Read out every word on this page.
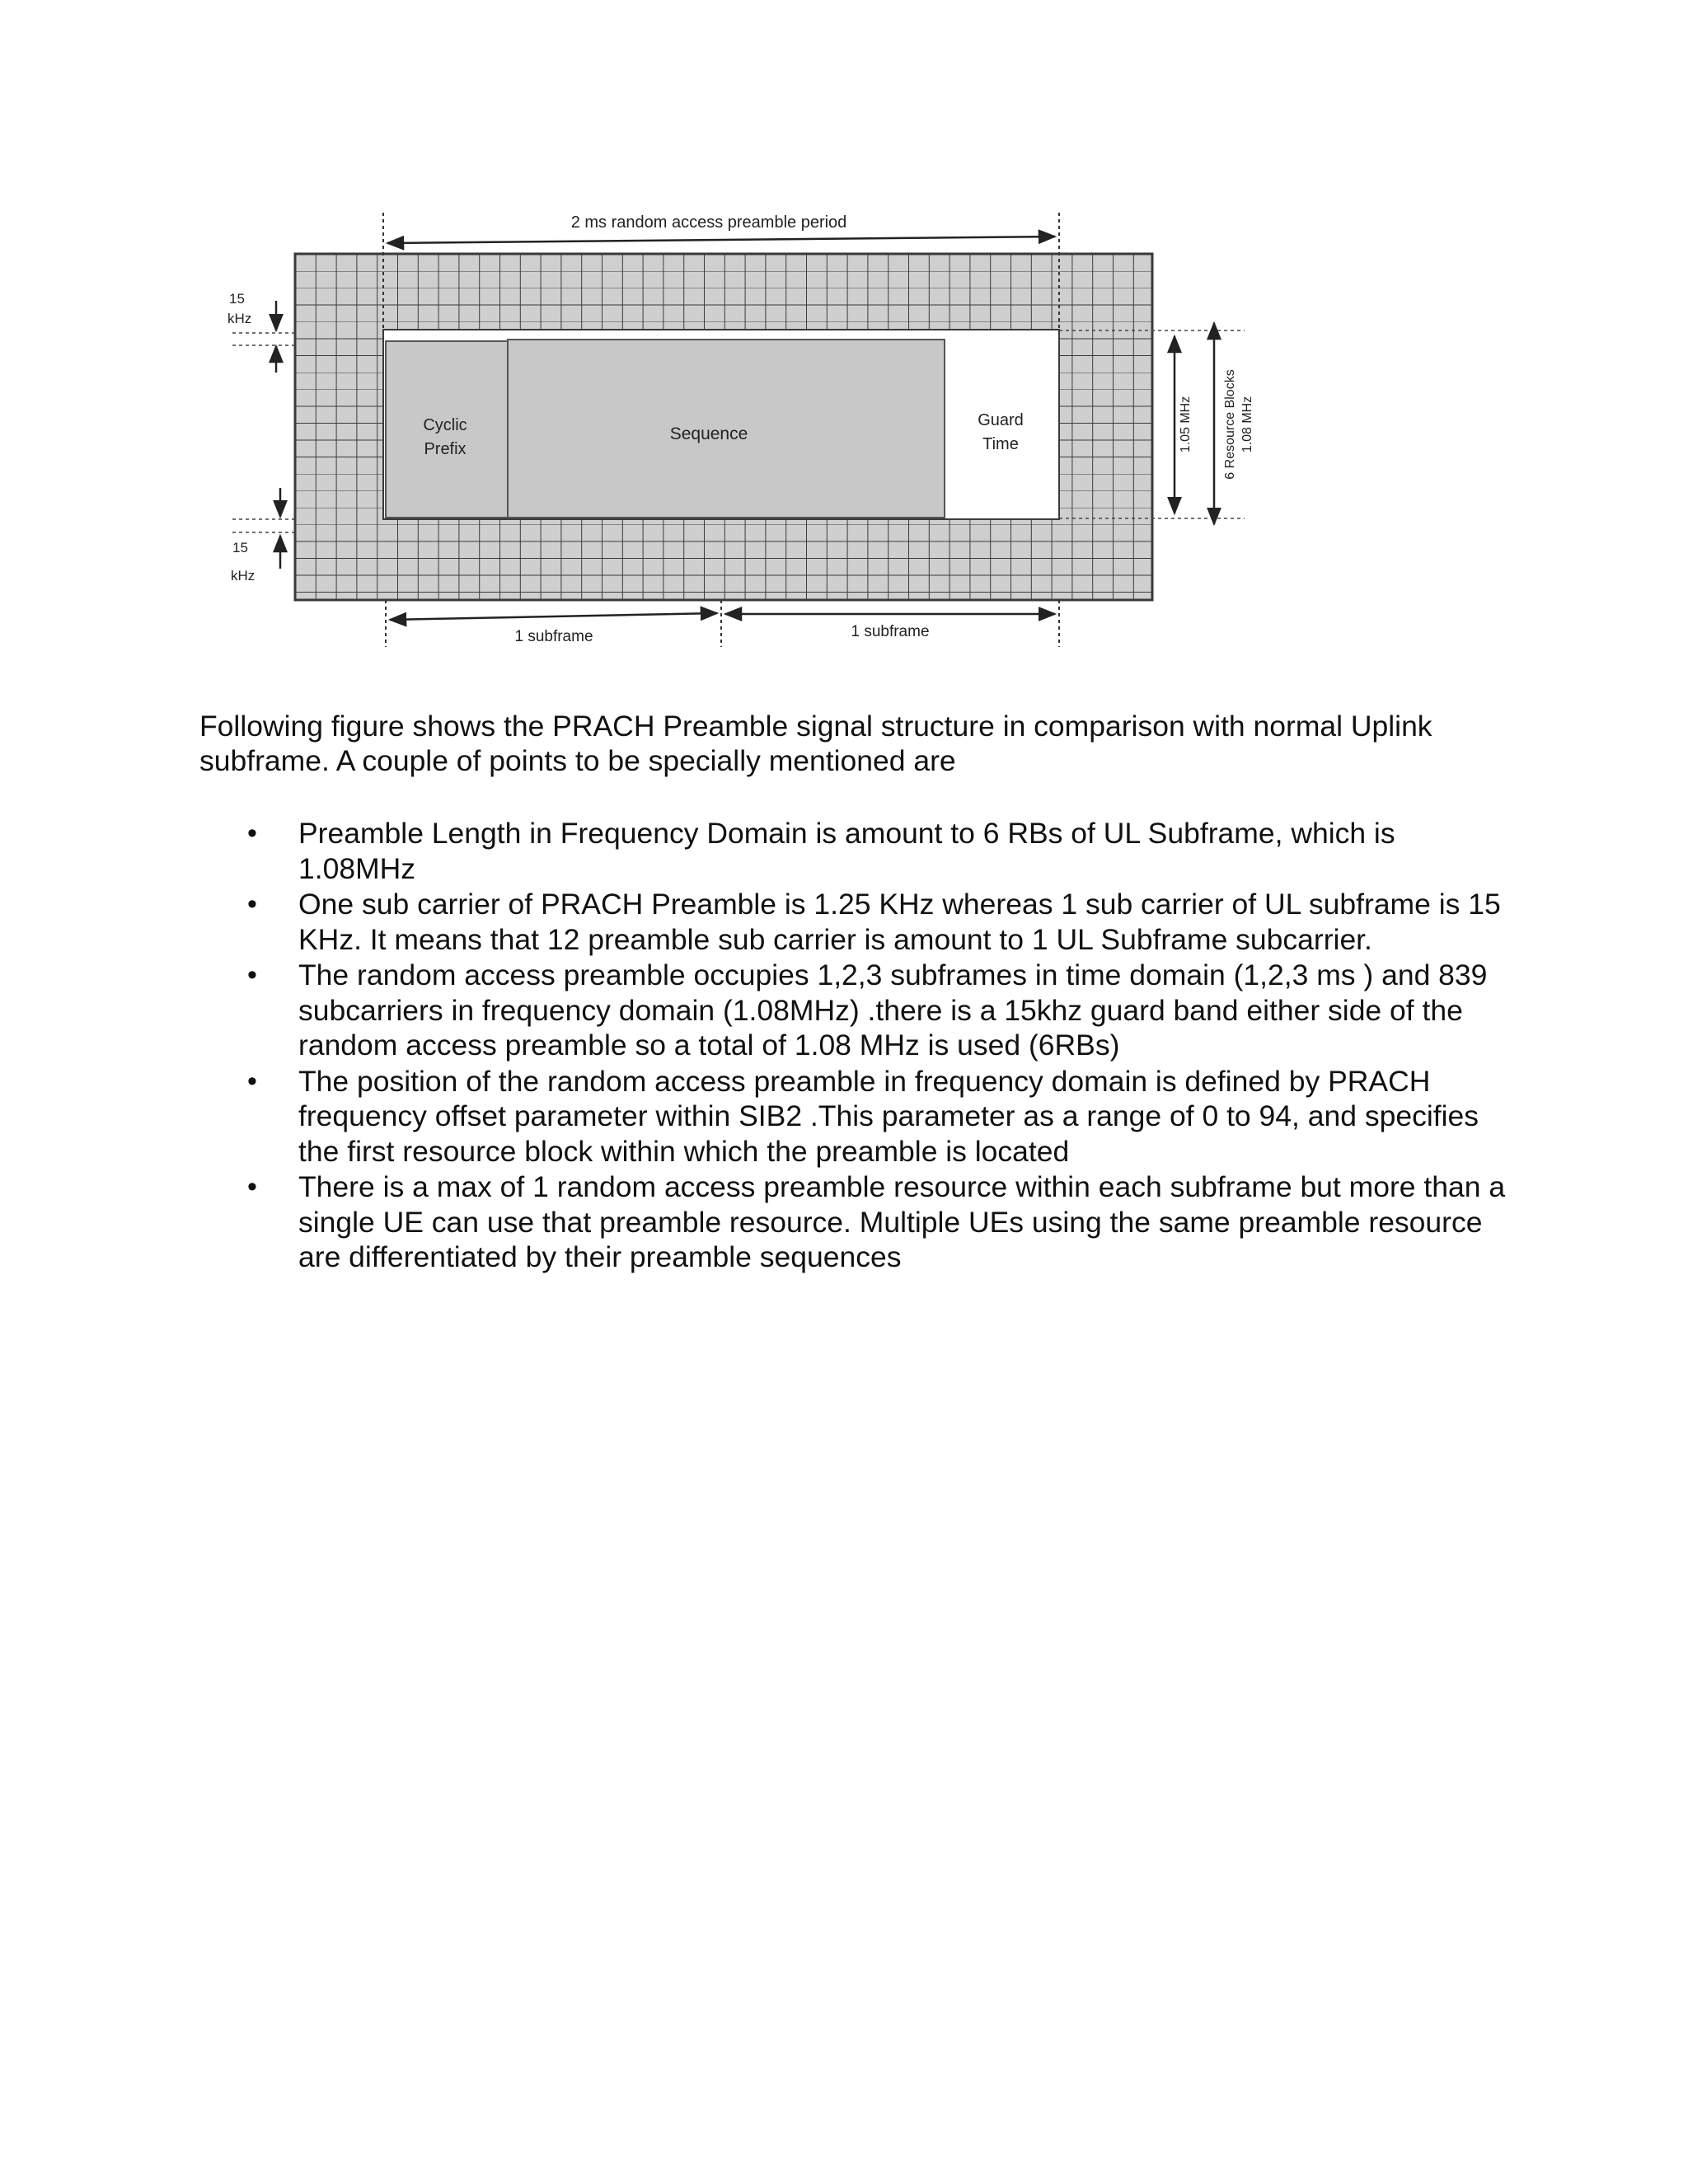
Cyclic
Prefix
Sequence
Guard
Time
2 ms random access preamble period
15
kHz
15
kHz
1.05 MHz 6 Resource Blocks 1.08 MHz
1 subframe	1 subframe

Following figure shows the PRACH Preamble signal structure in comparison with normal Uplink subframe. A couple of points to be specially mentioned are

• Preamble Length in Frequency Domain is amount to 6 RBs of UL Subframe, which is 1.08MHz
• One sub carrier of PRACH Preamble is 1.25 KHz whereas 1 sub carrier of UL subframe is 15 KHz. It means that 12 preamble sub carrier is amount to 1 UL Subframe subcarrier.
• The random access preamble occupies 1,2,3 subframes in time domain (1,2,3 ms ) and 839 subcarriers in frequency domain (1.08MHz) .there is a 15khz guard band either side of the random access preamble so a total of 1.08 MHz is used (6RBs)
• The position of the random access preamble in frequency domain is defined by PRACH frequency offset parameter within SIB2 .This parameter as a range of 0 to 94, and specifies the first resource block within which the preamble is located
• There is a max of 1 random access preamble resource within each subframe but more than a single UE can use that preamble resource. Multiple UEs using the same preamble resource are differentiated by their preamble sequences
